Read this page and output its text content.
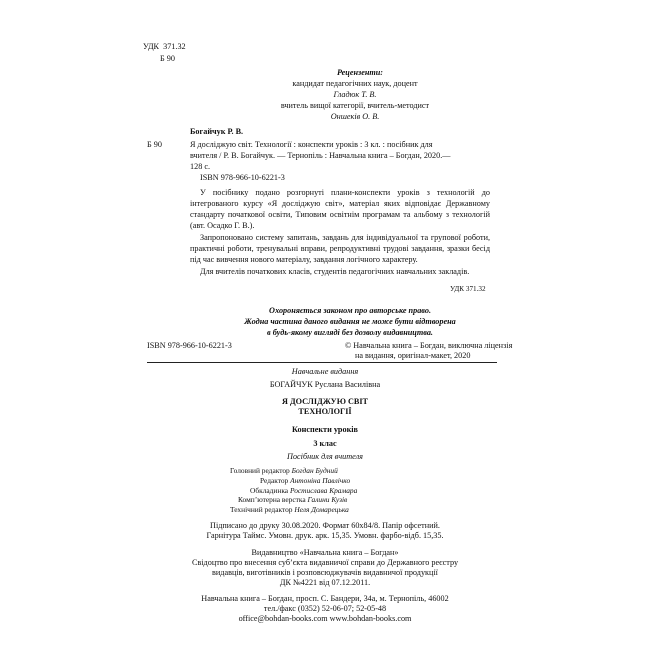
УДК 371.32
Б 90
Рецензенти:
кандидат педагогічних наук, доцент
Гладюк Т. В.
вчитель вищої категорії, вчитель-методист
Оншеків О. В.
Богайчук Р. В.
Б 90	Я досліджую світ. Технології : конспекти уроків : 3 кл. : посібник для
вчителя / Р. В. Богайчук. — Тернопіль : Навчальна книга – Богдан, 2020.—
128 с.
ISBN 978-966-10-6221-3
У посібнику подано розгорнуті плани-конспекти уроків з технологій до інтегрованого курсу «Я досліджую світ», матеріал яких відповідає Державному стандарту початкової освіти, Типовим освітнім програмам та альбому з технологій (авт. Осадко Г. В.).
Запропоновано систему запитань, завдань для індивідуальної та групової роботи, практичні роботи, тренувальні вправи, репродуктивні трудові завдання, зразки бесід під час вивчення нового матеріалу, завдання логічного характеру.
Для вчителів початкових класів, студентів педагогічних навчальних закладів.
УДК 371.32
Охороняється законом про авторське право.
Жодна частина даного видання не може бути відтворена
в будь-якому вигляді без дозволу видавництва.
ISBN 978-966-10-6221-3	© Навчальна книга – Богдан, виключна ліцензія
на видання, оригінал-макет, 2020
Навчальне видання
БОГАЙЧУК Руслана Василівна
Я ДОСЛІДЖУЮ СВІТ
ТЕХНОЛОГІЇ
Конспекти уроків
3 клас
Посібник для вчителя
Головний редактор Богдан Будний
Редактор Антоніна Павлічко
Обкладинка Ростислава Крамара
Комп’ютерна верстка Галини Кузів
Технічний редактор Неля Домарецька
Підписано до друку 30.08.2020. Формат 60х84/8. Папір офсетний.
Гарнітура Таймс. Умовн. друк. арк. 15,35. Умовн. фарбо-відб. 15,35.
Видавництво «Навчальна книга – Богдан»
Свідоцтво про внесення суб’єкта видавничої справи до Державного реєстру
видавців, виготівників і розповсюджувачів видавничої продукції
ДК №4221 від 07.12.2011.
Навчальна книга – Богдан, просп. С. Бандери, 34а, м. Тернопіль, 46002
тел./факс (0352) 52-06-07; 52-05-48
office@bohdan-books.com www.bohdan-books.com
